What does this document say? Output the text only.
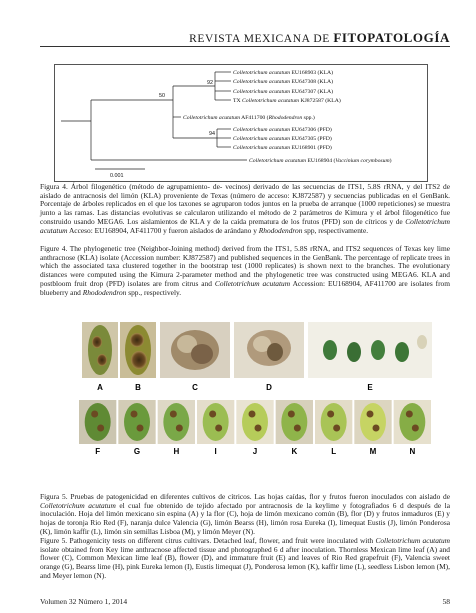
REVISTA MEXICANA DE FITOPATOLOGÍA
92
50
94
Colletotrichum acutatum EU168903 (KLA)
Colletotrichum acutatum EU647308 (KLA)
Colletotrichum acutatum EU647307 (KLA)
TX Colletotrichum acutatum KJ872587 (KLA)
Colletotrichum acutatum AF411700 (Rhododendron spp.)
Colletotrichum acutatum EU647306 (PFD)
Colletotrichum acutatum EU647305 (PFD)
Colletotrichum acutatum EU168901 (PFD)
Colletotrichum acutatum EU168904 (Vaccinium corymbosum)
0.001
Figura 4. Árbol filogenético (método de agrupamiento- de- vecinos) derivado de las secuencias de ITS1, 5.8S rRNA, y del ITS2 de aislado de antracnosis del limón (KLA) proveniente de Texas (número de acceso: KJ872587) y secuencias publicadas en el GenBank. Porcentaje de árboles replicados en el que los taxones se agruparon todos juntos en la prueba de arranque (1000 repeticiones) se muestra junto a las ramas. Las distancias evolutivas se calcularon utilizando el método de 2 parámetros de Kimura y el árbol filogenético fue construido usando MEGA6. Los aislamientos de KLA y de la caída prematura de los frutos (PFD) son de cítricos y de Colletotrichum acutatum Acceso: EU168904, AF411700 y fueron aislados de arándano y Rhododendron spp, respectivamente.
Figure 4. The phylogenetic tree (Neighbor-Joining method) derived from the ITS1, 5.8S rRNA, and ITS2 sequences of Texas key lime anthracnose (KLA) isolate (Accession number: KJ872587) and published sequences in the GenBank. The percentage of replicate trees in which the associated taxa clustered together in the bootstrap test (1000 replicates) is shown next to the branches. The evolutionary distances were computed using the Kimura 2-parameter method and the phylogenetic tree was constructed using MEGA6. KLA and postbloom fruit drop (PFD) isolates are from citrus and Colletotrichum acutatum Accession: EU168904, AF411700 are isolates from blueberry and Rhododendron spp., respectively.
A	B	C	D	E
F	G	H	I	J	K	L	M	N
Figura 5. Pruebas de patogenicidad en diferentes cultivos de cítricos. Las hojas caídas, flor y frutos fueron inoculados con aislado de Colletotrichum acutatum el cual fue obtenido de tejido afectado por antracnosis de la keylime y fotografiados 6 d después de la inoculación. Hoja del limón mexicano sin espina (A) y la flor (C), hoja de limón mexicano común (B), flor (D) y frutos inmaduros (E) y hojas de toronja Rio Red (F), naranja dulce Valencia (G), limón Bearss (H), limón rosa Eureka (I), limequat Eustis (J), limón Ponderosa (K), limón kaffir (L), limón sin semillas Lisboa (M), y limón Meyer (N).
Figure 5. Pathogenicity tests on different citrus cultivars. Detached leaf, flower, and fruit were inoculated with Colletotrichum acutatum isolate obtained from Key lime anthracnose affected tissue and photographed 6 d after inoculation. Thornless Mexican lime leaf (A) and flower (C), Common Mexican lime leaf (B), flower (D), and immature fruit (E) and leaves of Rio Red grapefruit (F), Valencia sweet orange (G), Bearss lime (H), pink Eureka lemon (I), Eustis limequat (J), Ponderosa lemon (K), kaffir lime (L), seedless Lisbon lemon (M), and Meyer lemon (N).
Volumen 32 Número 1, 2014	58
